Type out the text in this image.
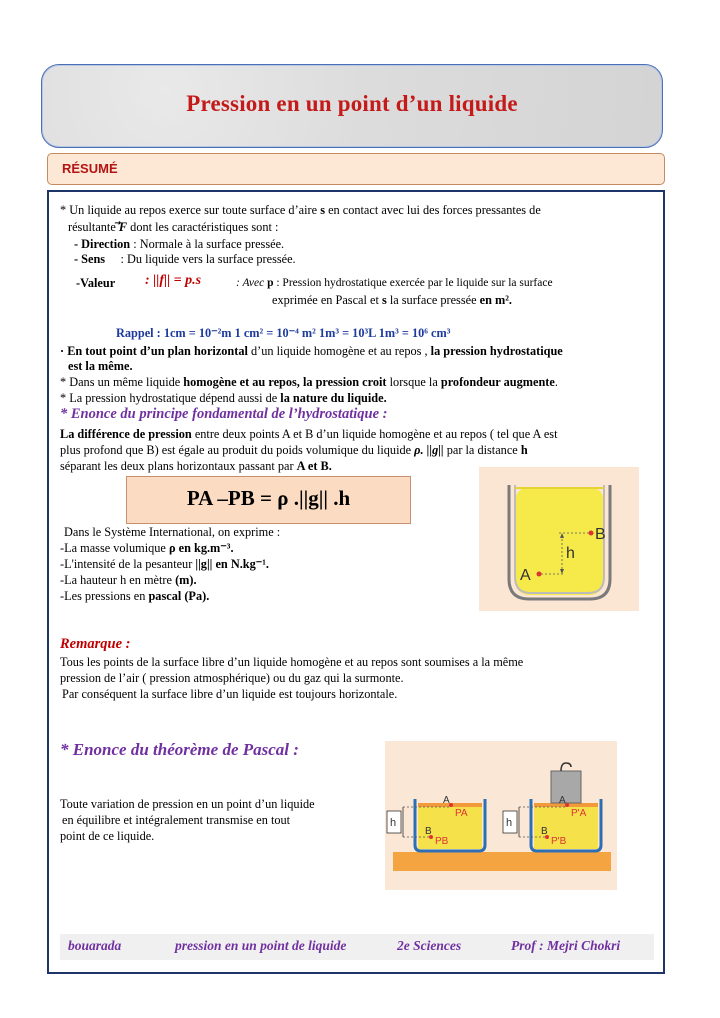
Pression en un point d’un liquide
RÉSUMÉ
* Un liquide au repos exerce sur toute surface d’aire s en contact avec lui des forces pressantes de
résultante F dont les caractéristiques sont :
- Direction : Normale à la surface pressée.
- Sens : Du liquide vers la surface pressée.
-Valeur : ||f|| = p.s	: Avec p : Pression hydrostatique exercée par le liquide sur la surface
exprimée en Pascal et s la surface pressée en m².
Rappel : 1cm = 10⁻²m 1 cm² = 10⁻⁴ m² 1m³ = 10³L 1m³ = 10⁶ cm³
· En tout point d’un plan horizontal d’un liquide homogène et au repos , la pression hydrostatique
est la même.
* Dans un même liquide homogène et au repos, la pression croit lorsque la profondeur augmente.
* La pression hydrostatique dépend aussi de la nature du liquide.
* Enonce du principe fondamental de l’hydrostatique :
La différence de pression entre deux points A et B d’un liquide homogène et au repos ( tel que A est
plus profond que B) est égale au produit du poids volumique du liquide ρ. ||g|| par la distance h
séparant les deux plans horizontaux passant par A et B.
PA –PB = ρ .||g|| .h
Dans le Système International, on exprime :
-La masse volumique ρ en kg.m⁻³.
-L'intensité de la pesanteur ||g|| en N.kg⁻¹.
-La hauteur h en mètre (m).
-Les pressions en pascal (Pa).
B
h
A
Remarque :
Tous les points de la surface libre d’un liquide homogène et au repos sont soumises a la même
pression de l’air ( pression atmosphérique) ou du gaz qui la surmonte.
Par conséquent la surface libre d’un liquide est toujours horizontale.
* Enonce du théorème de Pascal :
Toute variation de pression en un point d’un liquide
en équilibre et intégralement transmise en tout
point de ce liquide.
A
PA
B
PB
h
A
P'A
B
P'B
h
bouarada	pression en un point de liquide	2e Sciences	Prof : Mejri Chokri
